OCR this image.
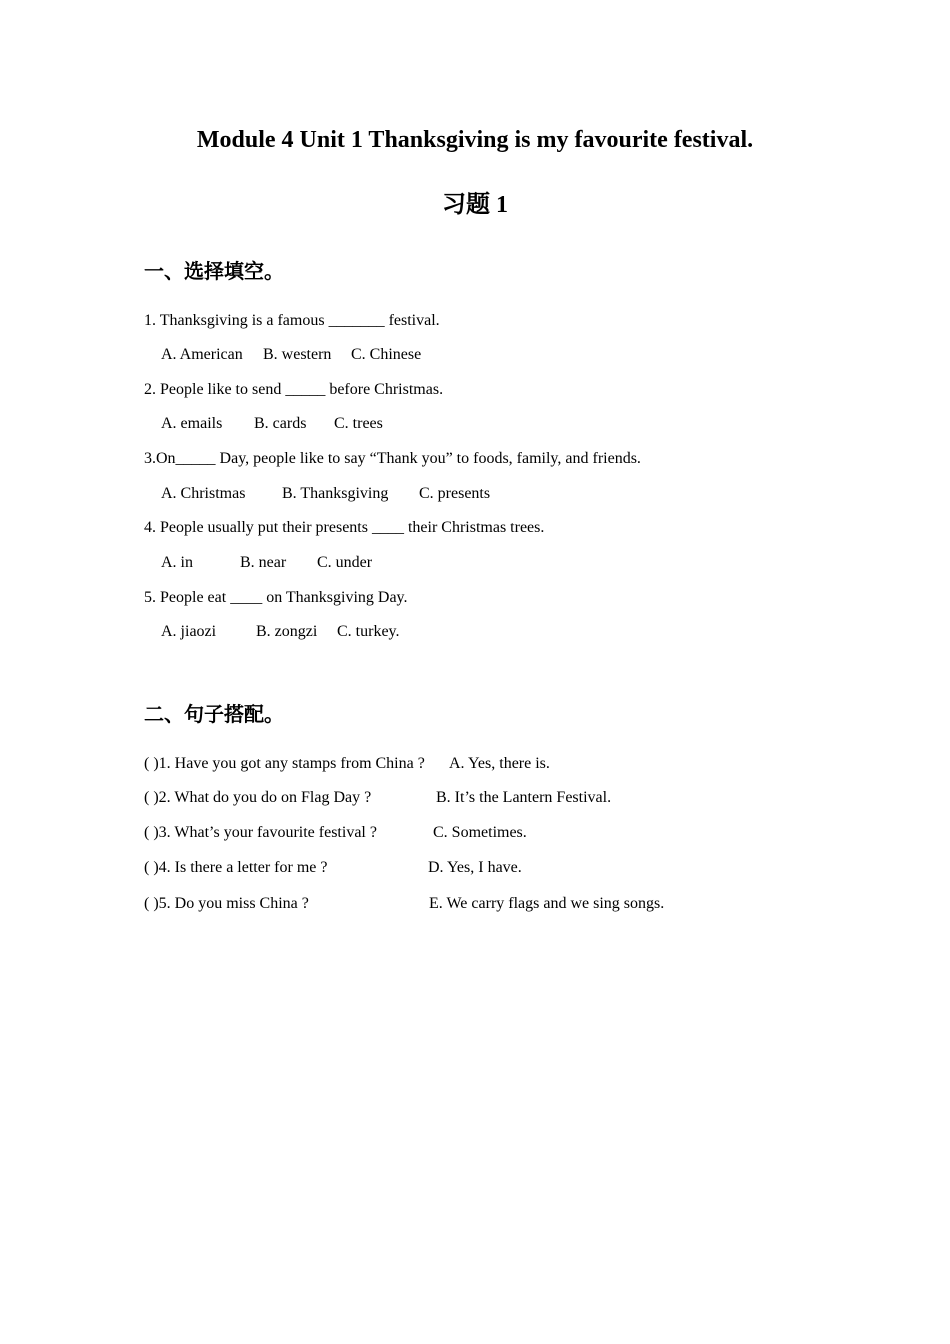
Module 4 Unit 1 Thanksgiving is my favourite festival.
习题 1
一、选择填空。
1. Thanksgiving is a famous _______ festival.
A. American B. western C. Chinese
2. People like to send _____ before Christmas.
A. emails B. cards C. trees
3.On_____ Day, people like to say “Thank you” to foods, family, and friends.
A. Christmas B. Thanksgiving C. presents
4. People usually put their presents ____ their Christmas trees.
A. in	B. near C. under
5. People eat ____ on Thanksgiving Day.
A. jiaozi B. zongzi C. turkey.
二、句子搭配。
( )1. Have you got any stamps from China ? A. Yes, there is.
( )2. What do you do on Flag Day ?	B. It’s the Lantern Festival.
( )3. What’s your favourite festival ?	C. Sometimes.
( )4. Is there a letter for me ?	D. Yes, I have.
( )5. Do you miss China ?	E. We carry flags and we sing songs.
